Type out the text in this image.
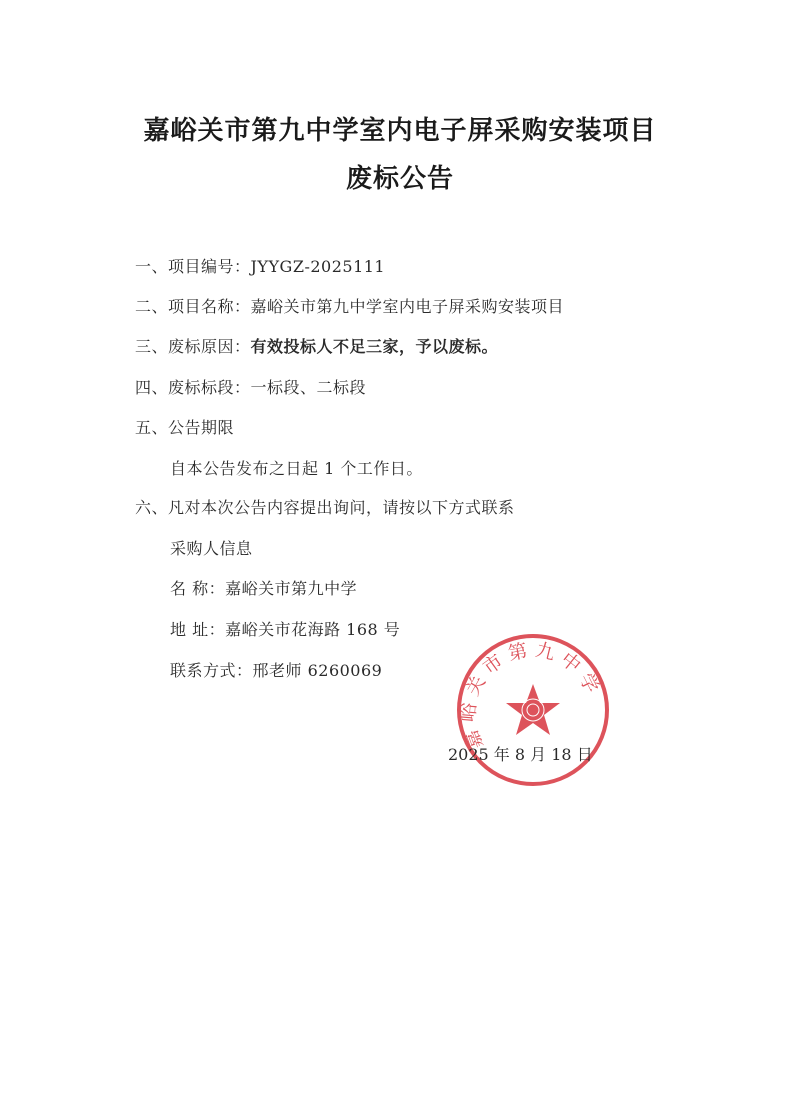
嘉峪关市第九中学室内电子屏采购安装项目
废标公告
一、项目编号：JYYGZ-2025111
二、项目名称：嘉峪关市第九中学室内电子屏采购安装项目
三、废标原因：有效投标人不足三家，予以废标。
四、废标标段：一标段、二标段
五、公告期限
自本公告发布之日起 1 个工作日。
六、凡对本次公告内容提出询问，请按以下方式联系
采购人信息
名 称：嘉峪关市第九中学
地 址：嘉峪关市花海路 168 号
联系方式：邢老师 6260069
嘉峪关市第九中学
2025 年 8 月 18 日
